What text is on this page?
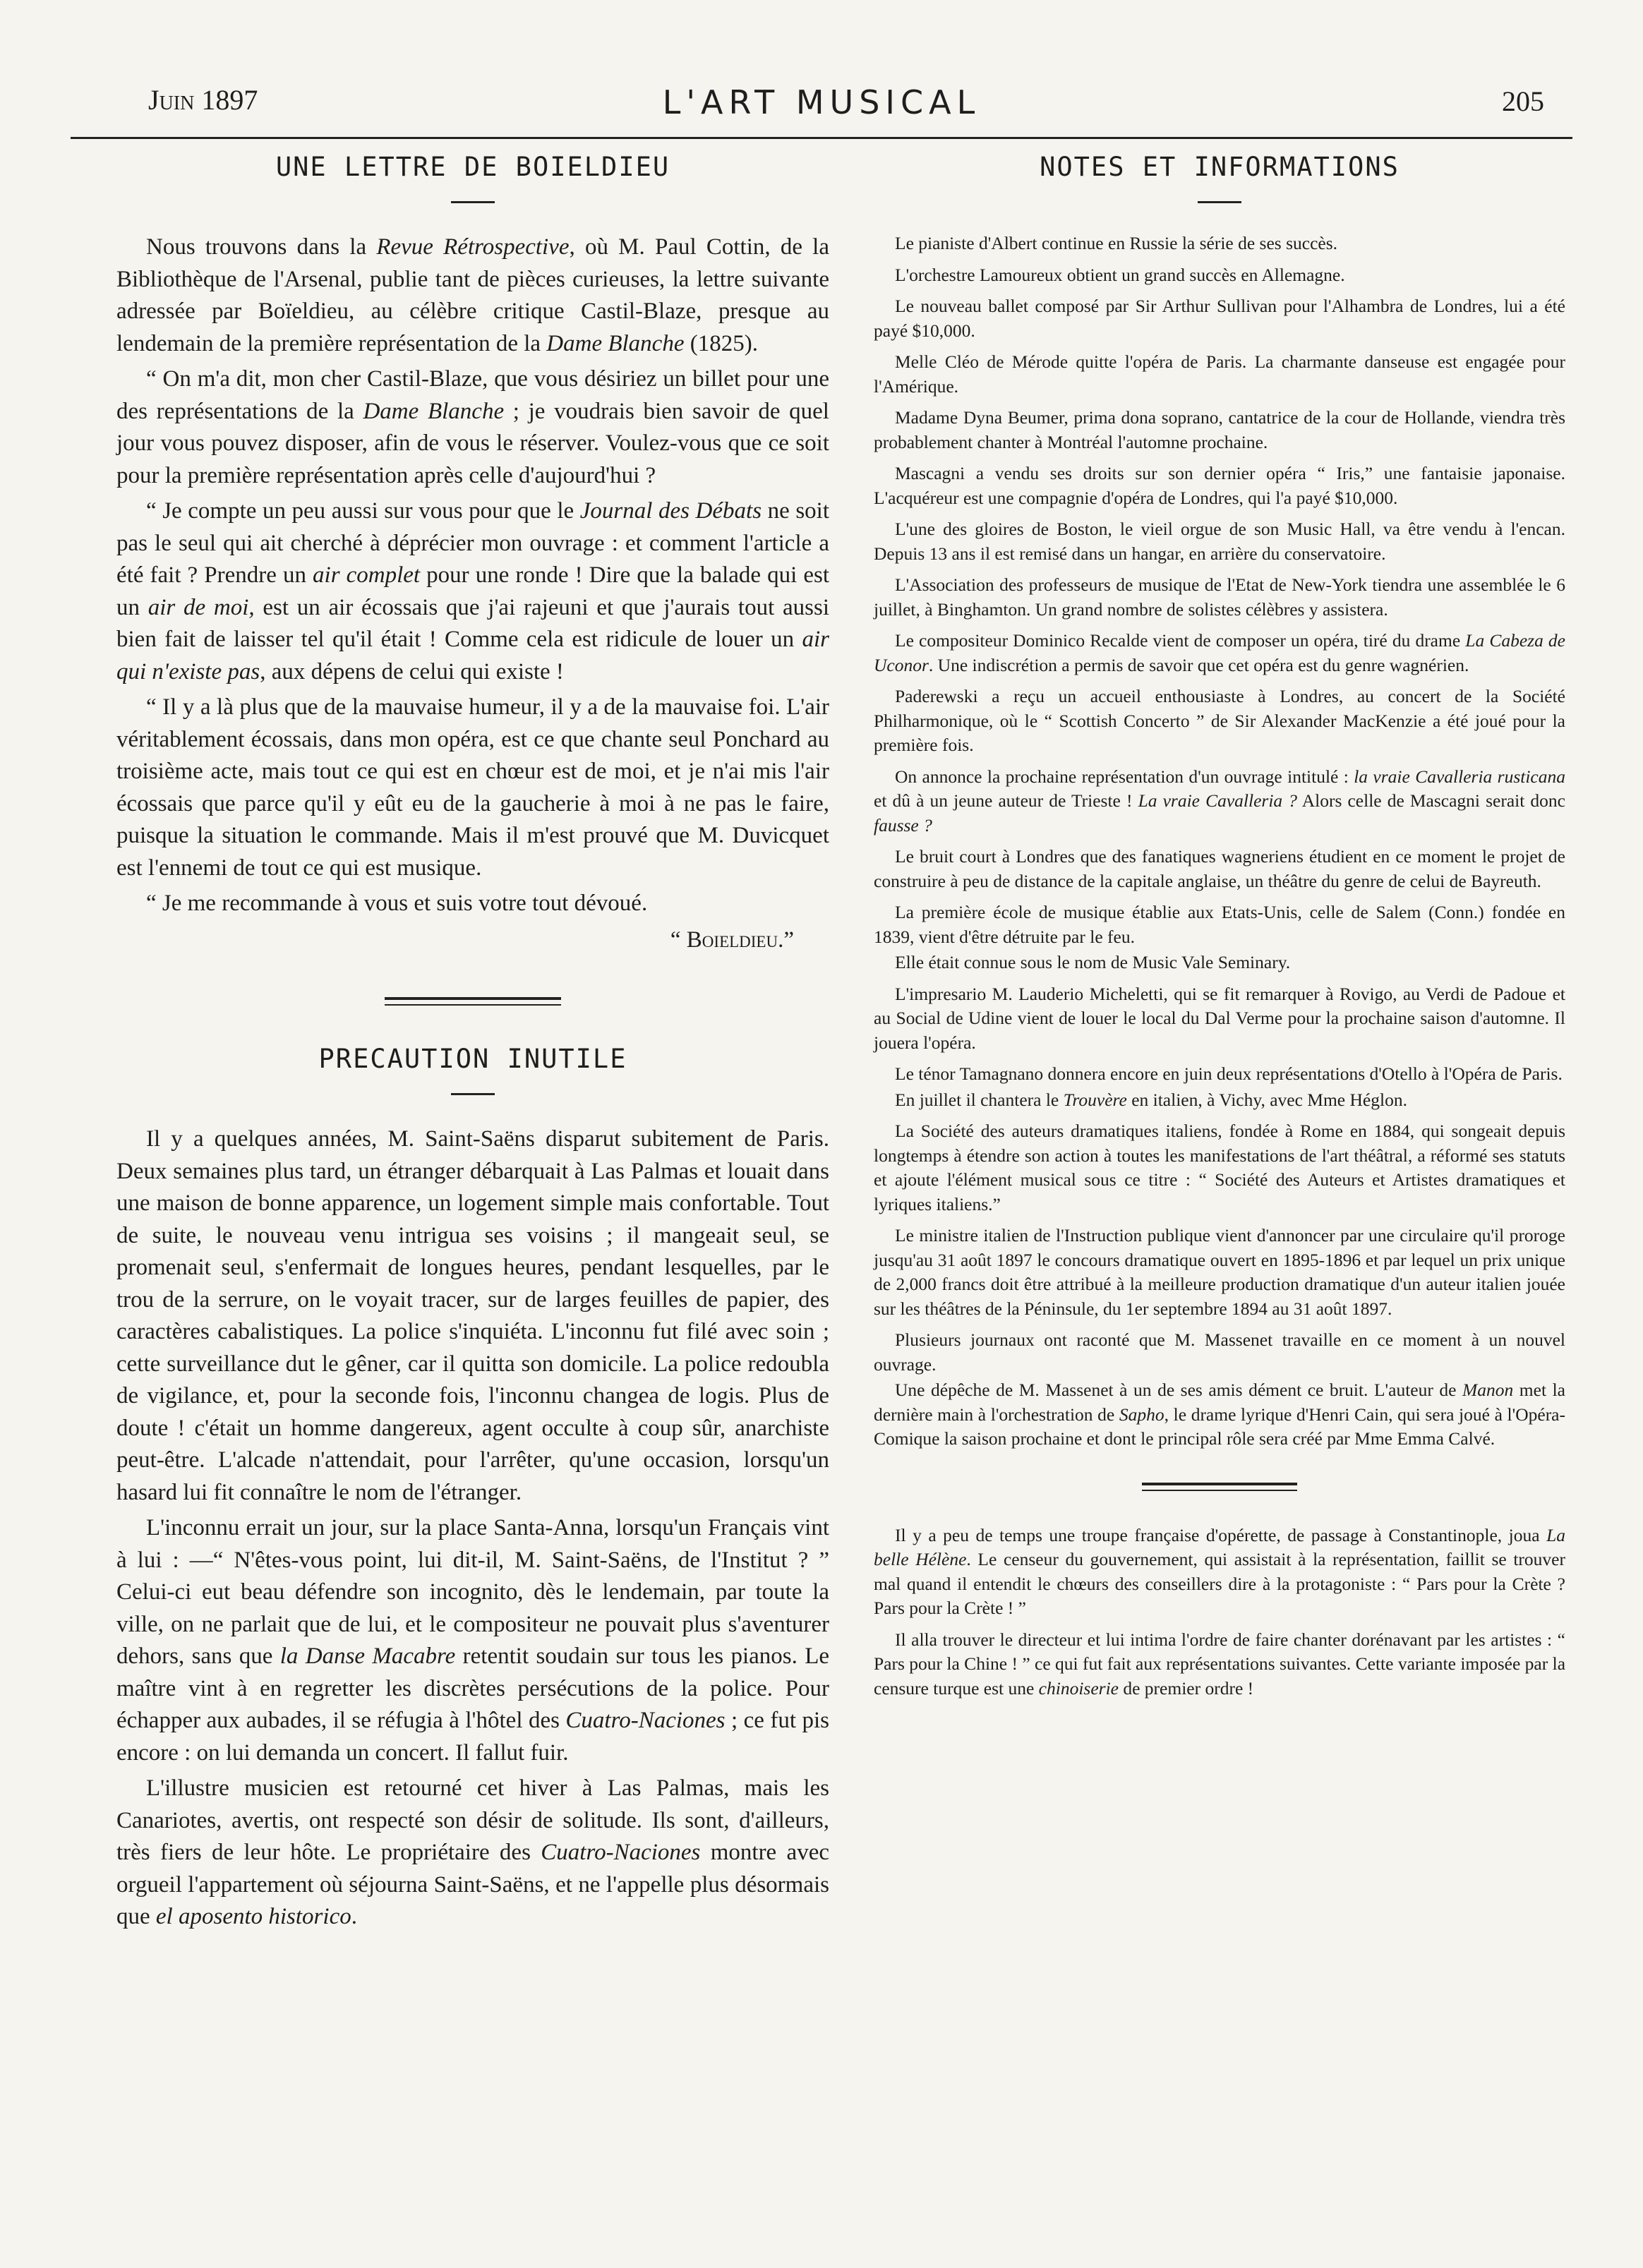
Juin 1897	L'ART MUSICAL	205
UNE LETTRE DE BOIELDIEU

Nous trouvons dans la Revue Rétrospective, où M. Paul Cottin, de la Bibliothèque de l'Arsenal, publie tant de pièces curieuses, la lettre suivante adressée par Boïeldieu, au célèbre critique Castil-Blaze, presque au lendemain de la première représentation de la Dame Blanche (1825).

“ On m'a dit, mon cher Castil-Blaze, que vous désiriez un billet pour une des représentations de la Dame Blanche ; je voudrais bien savoir de quel jour vous pouvez disposer, afin de vous le réserver. Voulez-vous que ce soit pour la première représentation après celle d'aujourd'hui ?

“ Je compte un peu aussi sur vous pour que le Journal des Débats ne soit pas le seul qui ait cherché à déprécier mon ouvrage : et comment l'article a été fait ? Prendre un air complet pour une ronde ! Dire que la balade qui est un air de moi, est un air écossais que j'ai rajeuni et que j'aurais tout aussi bien fait de laisser tel qu'il était ! Comme cela est ridicule de louer un air qui n'existe pas, aux dépens de celui qui existe !

“ Il y a là plus que de la mauvaise humeur, il y a de la mauvaise foi. L'air véritablement écossais, dans mon opéra, est ce que chante seul Ponchard au troisième acte, mais tout ce qui est en chœur est de moi, et je n'ai mis l'air écossais que parce qu'il y eût eu de la gaucherie à moi à ne pas le faire, puisque la situation le commande. Mais il m'est prouvé que M. Duvicquet est l'ennemi de tout ce qui est musique.

“ Je me recommande à vous et suis votre tout dévoué.

“ Boieldieu.”

PRECAUTION INUTILE

Il y a quelques années, M. Saint-Saëns disparut subitement de Paris. Deux semaines plus tard, un étranger débarquait à Las Palmas et louait dans une maison de bonne apparence, un logement simple mais confortable. Tout de suite, le nouveau venu intrigua ses voisins ; il mangeait seul, se promenait seul, s'enfermait de longues heures, pendant lesquelles, par le trou de la serrure, on le voyait tracer, sur de larges feuilles de papier, des caractères cabalistiques. La police s'inquiéta. L'inconnu fut filé avec soin ; cette surveillance dut le gêner, car il quitta son domicile. La police redoubla de vigilance, et, pour la seconde fois, l'inconnu changea de logis. Plus de doute ! c'était un homme dangereux, agent occulte à coup sûr, anarchiste peut-être. L'alcade n'attendait, pour l'arrêter, qu'une occasion, lorsqu'un hasard lui fit connaître le nom de l'étranger.

L'inconnu errait un jour, sur la place Santa-Anna, lorsqu'un Français vint à lui : —“ N'êtes-vous point, lui dit-il, M. Saint-Saëns, de l'Institut ? ” Celui-ci eut beau défendre son incognito, dès le lendemain, par toute la ville, on ne parlait que de lui, et le compositeur ne pouvait plus s'aventurer dehors, sans que la Danse Macabre retentit soudain sur tous les pianos. Le maître vint à en regretter les discrètes persécutions de la police. Pour échapper aux aubades, il se réfugia à l'hôtel des Cuatro-Naciones ; ce fut pis encore : on lui demanda un concert. Il fallut fuir.

L'illustre musicien est retourné cet hiver à Las Palmas, mais les Canariotes, avertis, ont respecté son désir de solitude. Ils sont, d'ailleurs, très fiers de leur hôte. Le propriétaire des Cuatro-Naciones montre avec orgueil l'appartement où séjourna Saint-Saëns, et ne l'appelle plus désormais que el aposento historico.

NOTES ET INFORMATIONS

Le pianiste d'Albert continue en Russie la série de ses succès.

L'orchestre Lamoureux obtient un grand succès en Allemagne.

Le nouveau ballet composé par Sir Arthur Sullivan pour l'Alhambra de Londres, lui a été payé $10,000.

Melle Cléo de Mérode quitte l'opéra de Paris. La charmante danseuse est engagée pour l'Amérique.

Madame Dyna Beumer, prima dona soprano, cantatrice de la cour de Hollande, viendra très probablement chanter à Montréal l'automne prochaine.

Mascagni a vendu ses droits sur son dernier opéra “ Iris,” une fantaisie japonaise. L'acquéreur est une compagnie d'opéra de Londres, qui l'a payé $10,000.

L'une des gloires de Boston, le vieil orgue de son Music Hall, va être vendu à l'encan. Depuis 13 ans il est remisé dans un hangar, en arrière du conservatoire.

L'Association des professeurs de musique de l'Etat de New-York tiendra une assemblée le 6 juillet, à Binghamton. Un grand nombre de solistes célèbres y assistera.

Le compositeur Dominico Recalde vient de composer un opéra, tiré du drame La Cabeza de Uconor. Une indiscrétion a permis de savoir que cet opéra est du genre wagnérien.

Paderewski a reçu un accueil enthousiaste à Londres, au concert de la Société Philharmonique, où le “ Scottish Concerto ” de Sir Alexander MacKenzie a été joué pour la première fois.

On annonce la prochaine représentation d'un ouvrage intitulé : la vraie Cavalleria rusticana et dû à un jeune auteur de Trieste ! La vraie Cavalleria ? Alors celle de Mascagni serait donc fausse ?

Le bruit court à Londres que des fanatiques wagneriens étudient en ce moment le projet de construire à peu de distance de la capitale anglaise, un théâtre du genre de celui de Bayreuth.

La première école de musique établie aux Etats-Unis, celle de Salem (Conn.) fondée en 1839, vient d'être détruite par le feu.

Elle était connue sous le nom de Music Vale Seminary.

L'impresario M. Lauderio Micheletti, qui se fit remarquer à Rovigo, au Verdi de Padoue et au Social de Udine vient de louer le local du Dal Verme pour la prochaine saison d'automne. Il jouera l'opéra.

Le ténor Tamagnano donnera encore en juin deux représentations d'Otello à l'Opéra de Paris.

En juillet il chantera le Trouvère en italien, à Vichy, avec Mme Héglon.

La Société des auteurs dramatiques italiens, fondée à Rome en 1884, qui songeait depuis longtemps à étendre son action à toutes les manifestations de l'art théâtral, a réformé ses statuts et ajoute l'élément musical sous ce titre : “ Société des Auteurs et Artistes dramatiques et lyriques italiens.”

Le ministre italien de l'Instruction publique vient d'annoncer par une circulaire qu'il proroge jusqu'au 31 août 1897 le concours dramatique ouvert en 1895-1896 et par lequel un prix unique de 2,000 francs doit être attribué à la meilleure production dramatique d'un auteur italien jouée sur les théâtres de la Péninsule, du 1er septembre 1894 au 31 août 1897.

Plusieurs journaux ont raconté que M. Massenet travaille en ce moment à un nouvel ouvrage.

Une dépêche de M. Massenet à un de ses amis dément ce bruit. L'auteur de Manon met la dernière main à l'orchestration de Sapho, le drame lyrique d'Henri Cain, qui sera joué à l'Opéra-Comique la saison prochaine et dont le principal rôle sera créé par Mme Emma Calvé.

Il y a peu de temps une troupe française d'opérette, de passage à Constantinople, joua La belle Hélène. Le censeur du gouvernement, qui assistait à la représentation, faillit se trouver mal quand il entendit le chœurs des conseillers dire à la protagoniste : “ Pars pour la Crète ? Pars pour la Crète ! ”

Il alla trouver le directeur et lui intima l'ordre de faire chanter dorénavant par les artistes : “ Pars pour la Chine ! ” ce qui fut fait aux représentations suivantes. Cette variante imposée par la censure turque est une chinoiserie de premier ordre !
